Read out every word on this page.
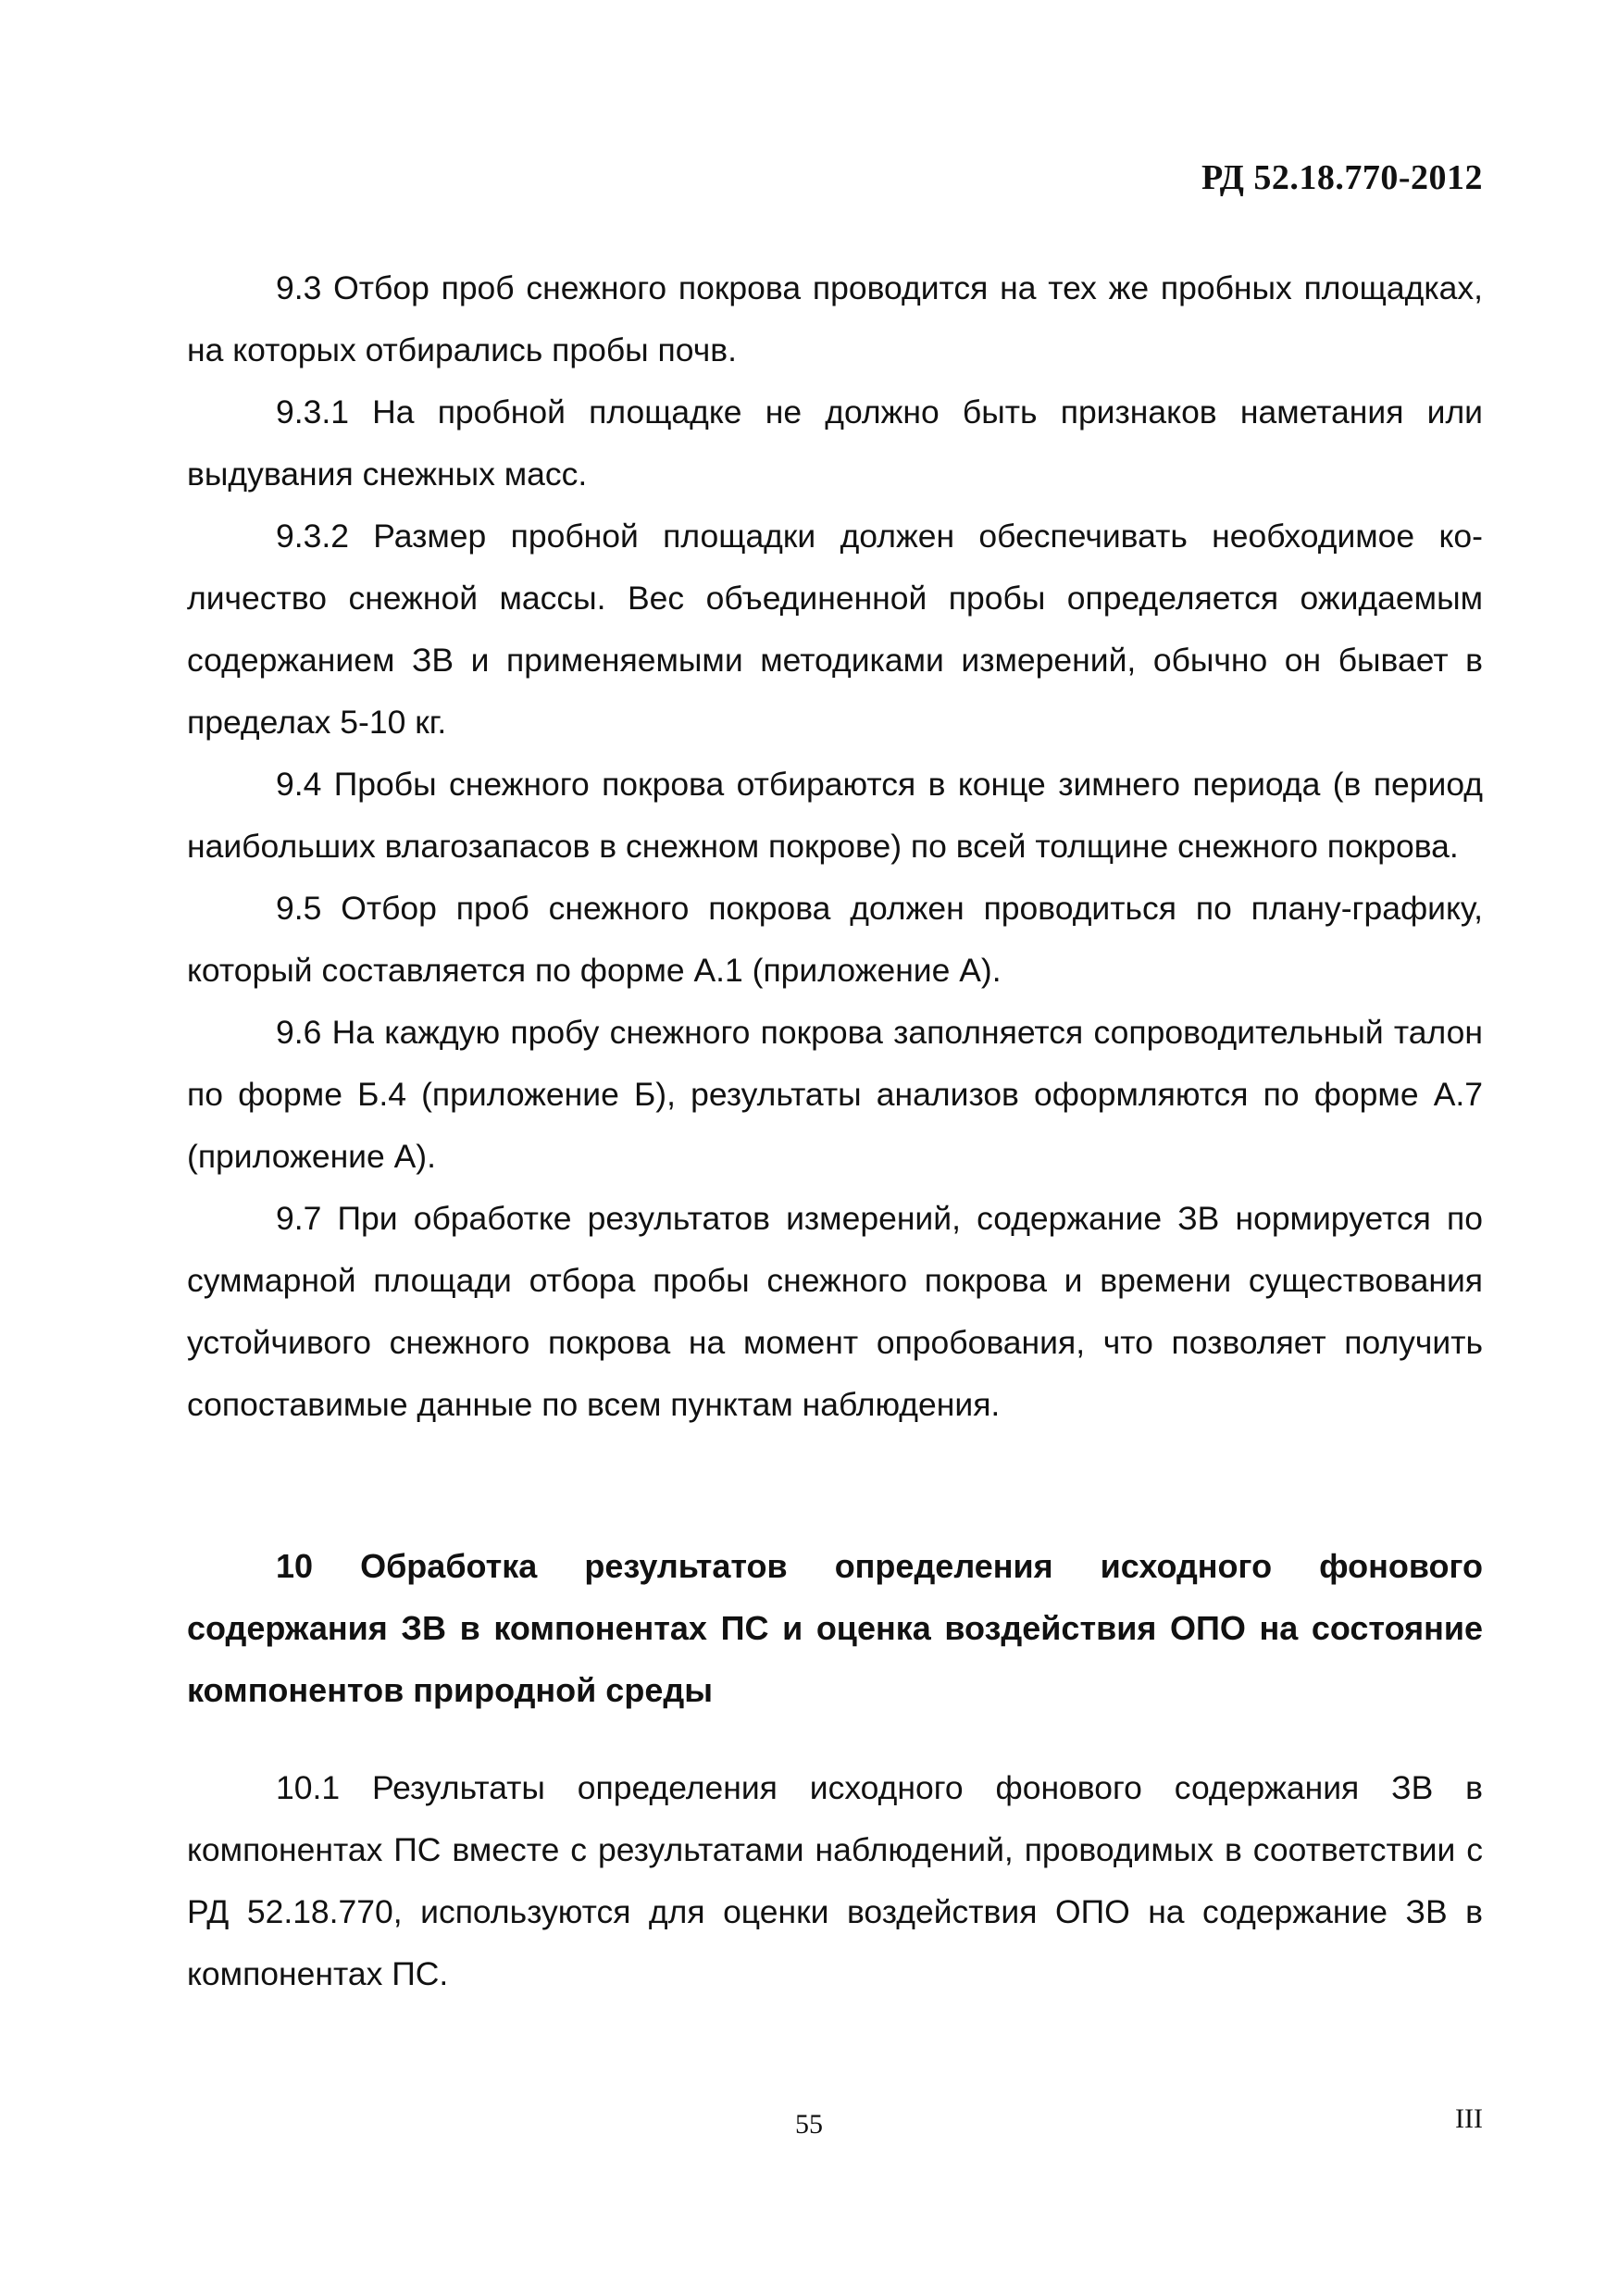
РД 52.18.770-2012

9.3 Отбор проб снежного покрова проводится на тех же пробных площадках, на которых отбирались пробы почв.

9.3.1 На пробной площадке не должно быть признаков наметания или выдувания снежных масс.

9.3.2 Размер пробной площадки должен обеспечивать необходимое количество снежной массы. Вес объединенной пробы определяется ожидаемым содержанием ЗВ и применяемыми методиками измерений, обычно он бывает в пределах 5-10 кг.

9.4 Пробы снежного покрова отбираются в конце зимнего периода (в период наибольших влагозапасов в снежном покрове) по всей толщине снежного покрова.

9.5 Отбор проб снежного покрова должен проводиться по плану-графику, который составляется по форме А.1 (приложение А).

9.6 На каждую пробу снежного покрова заполняется сопроводительный талон по форме Б.4 (приложение Б), результаты анализов оформляются по форме А.7 (приложение А).

9.7 При обработке результатов измерений, содержание ЗВ нормируется по суммарной площади отбора пробы снежного покрова и времени существования устойчивого снежного покрова на момент опробования, что позволяет получить сопоставимые данные по всем пунктам наблюдения.

10 Обработка результатов определения исходного фонового содержания ЗВ в компонентах ПС и оценка воздействия ОПО на состояние компонентов природной среды

10.1 Результаты определения исходного фонового содержания ЗВ в компонентах ПС вместе с результатами наблюдений, проводимых в соответствии с РД 52.18.770, используются для оценки воздействия ОПО на содержание ЗВ в компонентах ПС.

55	III
